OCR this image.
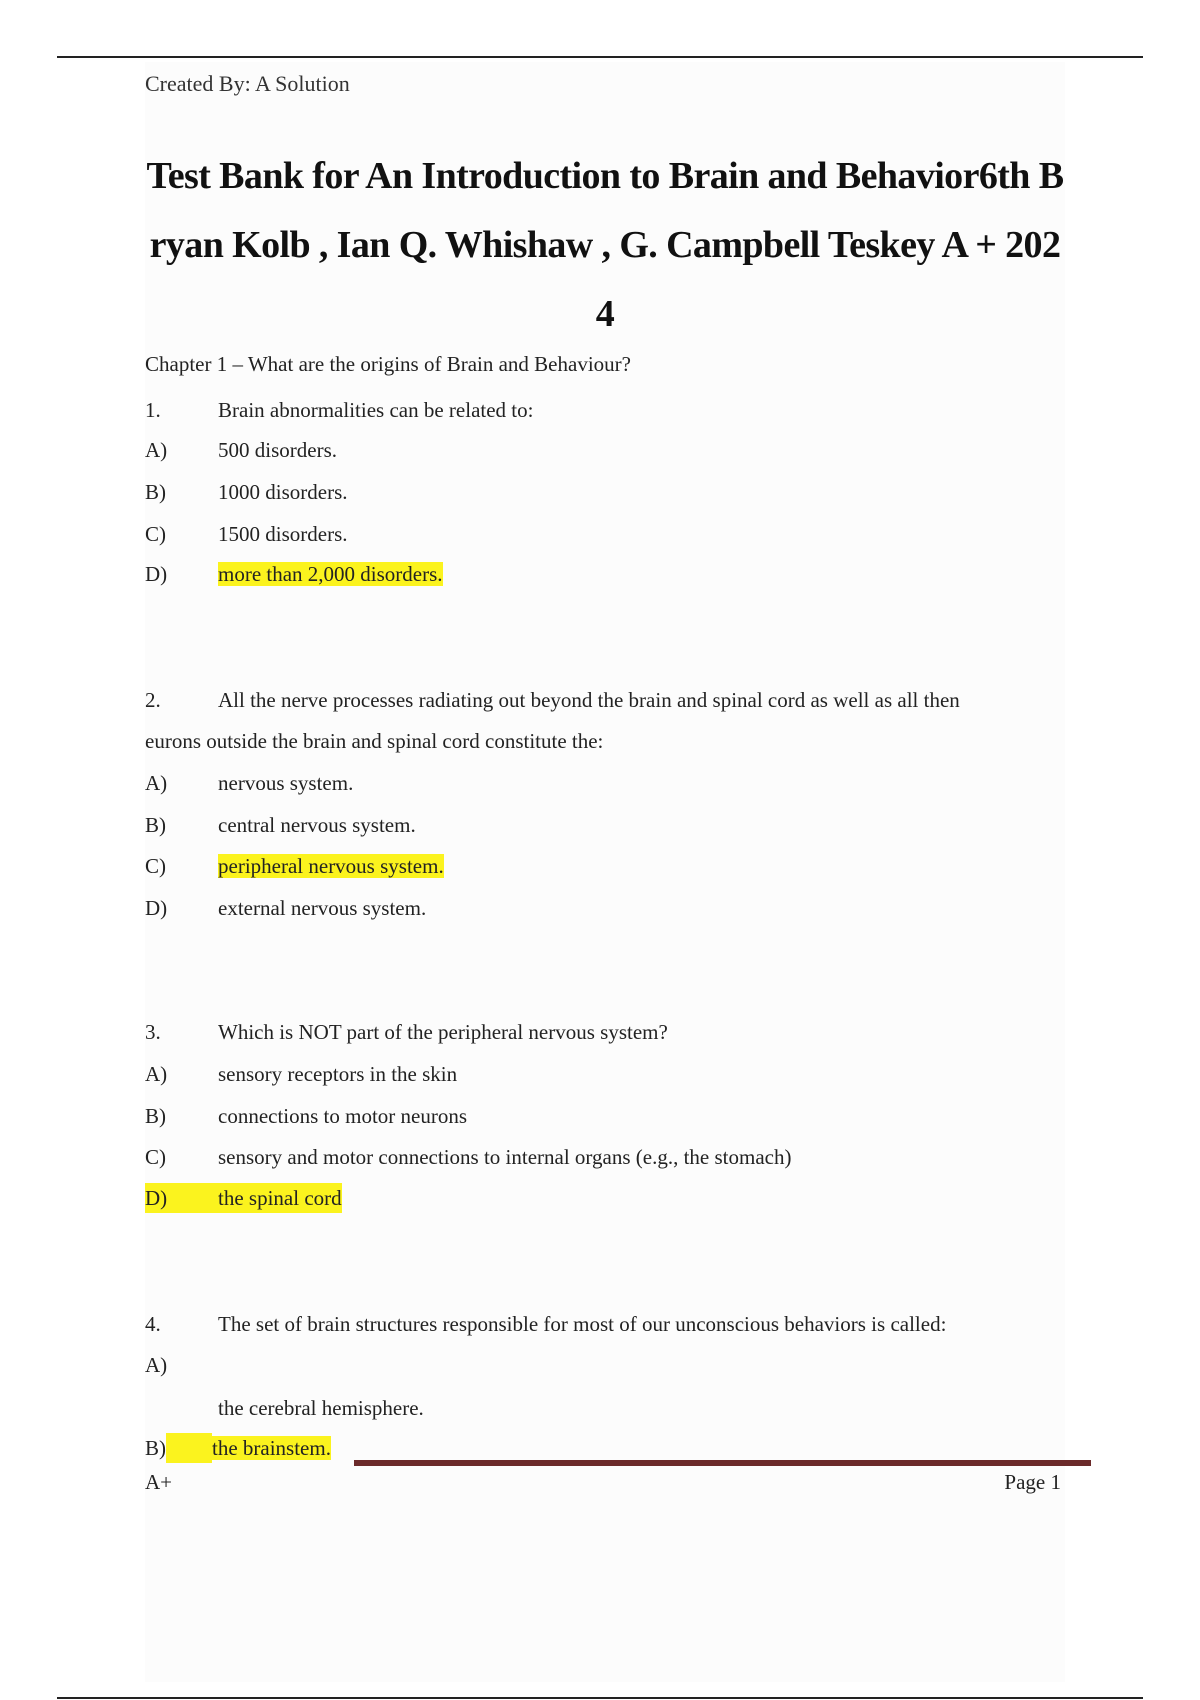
Created By: A Solution
Test Bank for An Introduction to Brain and Behavior6th Bryan Kolb , Ian Q. Whishaw , G. Campbell Teskey A + 2024
Chapter 1 – What are the origins of Brain and Behaviour?
1.	Brain abnormalities can be related to:
A) 500 disorders.
B) 1000 disorders.
C) 1500 disorders.
D) more than 2,000 disorders.
2.	All the nerve processes radiating out beyond the brain and spinal cord as well as all then
eurons outside the brain and spinal cord constitute the:
A) nervous system.
B) central nervous system.
C) peripheral nervous system.
D) external nervous system.
3.	Which is NOT part of the peripheral nervous system?
A) sensory receptors in the skin
B) connections to motor neurons
C) sensory and motor connections to internal organs (e.g., the stomach)
D) the spinal cord
4.	The set of brain structures responsible for most of our unconscious behaviors is called:
A)
the cerebral hemisphere.
B) the brainstem.
A+	Page 1
